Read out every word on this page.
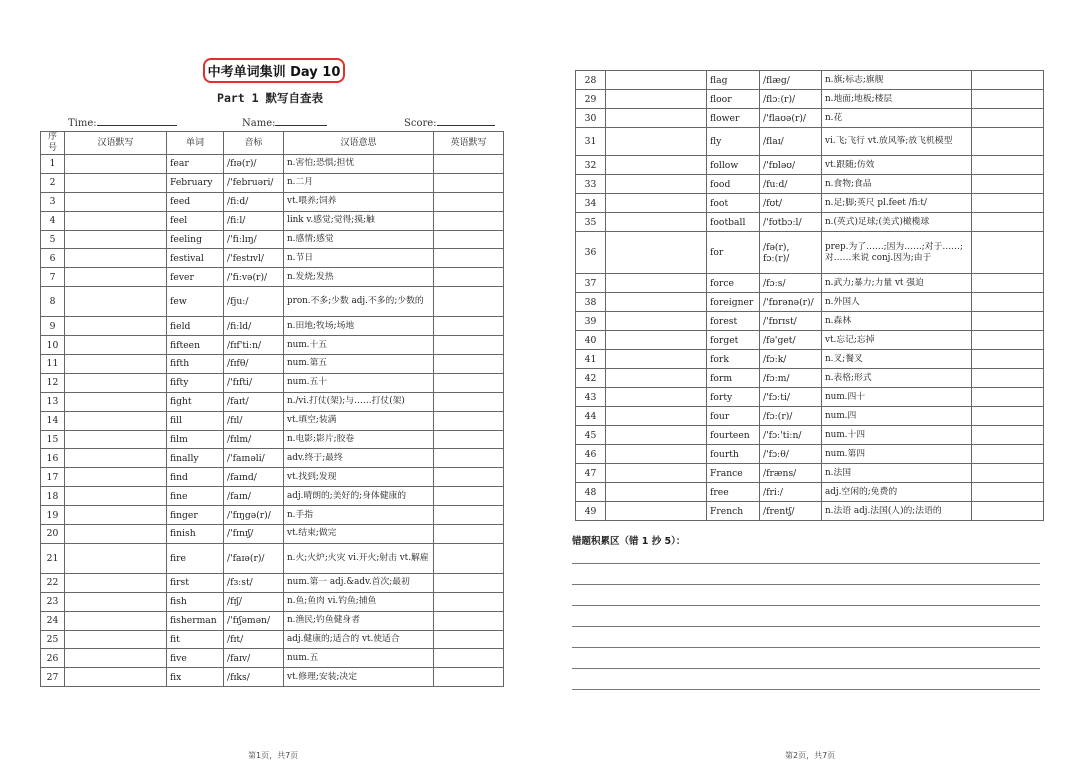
中考单词集训 Day 10
Part 1 默写自查表
Time:	Name:	Score:
序号	汉语默写	单词	音标	汉语意思	英语默写
1		fear	/fɪə(r)/	n.害怕;恐惧;担忧	
2		February	/'februəri/	n.二月	
3		feed	/fiːd/	vt.喂养;饲养	
4		feel	/fiːl/	link v.感觉;觉得;摸;触	
5		feeling	/'fiːlɪŋ/	n.感情;感觉	
6		festival	/'festɪvl/	n.节日	
7		fever	/'fiːvə(r)/	n.发烧;发热	
8		few	/fjuː/	pron.不多;少数 adj.不多的;少数的	
9		field	/fiːld/	n.田地;牧场;场地	
10		fifteen	/fɪf'tiːn/	num.十五	
11		fifth	/fɪfθ/	num.第五	
12		fifty	/'fɪfti/	num.五十	
13		fight	/faɪt/	n./vi.打仗(架);与……打仗(架)	
14		fill	/fɪl/	vt.填空;装满	
15		film	/fɪlm/	n.电影;影片;胶卷	
16		finally	/'faɪnəli/	adv.终于;最终	
17		find	/faɪnd/	vt.找到;发现	
18		fine	/faɪn/	adj.晴朗的;美好的;身体健康的	
19		finger	/'fɪŋgə(r)/	n.手指	
20		finish	/'fɪnɪʃ/	vt.结束;做完	
21		fire	/'faɪə(r)/	n.火;火炉;火灾 vi.开火;射击 vt.解雇	
22		first	/fɜːst/	num.第一 adj.&adv.首次;最初	
23		fish	/fɪʃ/	n.鱼;鱼肉 vi.钓鱼;捕鱼	
24		fisherman	/'fɪʃəmən/	n.渔民;钓鱼健身者	
25		fit	/fɪt/	adj.健康的;适合的 vt.使适合	
26		five	/faɪv/	num.五	
27		fix	/fɪks/	vt.修理;安装;决定	
28		flag	/flæg/	n.旗;标志;旗舰	
29		floor	/flɔː(r)/	n.地面;地板;楼层	
30		flower	/'flaʊə(r)/	n.花	
31		fly	/flaɪ/	vi.飞;飞行 vt.放风筝;放飞机模型	
32		follow	/'fɒləʊ/	vt.跟随;仿效	
33		food	/fuːd/	n.食物;食品	
34		foot	/fʊt/	n.足;脚;英尺 pl.feet /fiːt/	
35		football	/'fʊtbɔːl/	n.(英式)足球;(美式)橄榄球	
36		for	/fə(r), fɔː(r)/	prep.为了……;因为……;对于……;对……来说 conj.因为;由于	
37		force	/fɔːs/	n.武力;暴力;力量 vt 强迫	
38		foreigner	/'fɒrənə(r)/	n.外国人	
39		forest	/'fɒrɪst/	n.森林	
40		forget	/fə'get/	vt.忘记;忘掉	
41		fork	/fɔːk/	n.叉;餐叉	
42		form	/fɔːm/	n.表格;形式	
43		forty	/'fɔːti/	num.四十	
44		four	/fɔː(r)/	num.四	
45		fourteen	/'fɔː'tiːn/	num.十四	
46		fourth	/'fɔːθ/	num.第四	
47		France	/fræns/	n.法国	
48		free	/friː/	adj.空闲的;免费的	
49		French	/frentʃ/	n.法语 adj.法国(人)的;法语的	
错题积累区（错 1 抄 5）：
第1页，共7页	第2页，共7页
